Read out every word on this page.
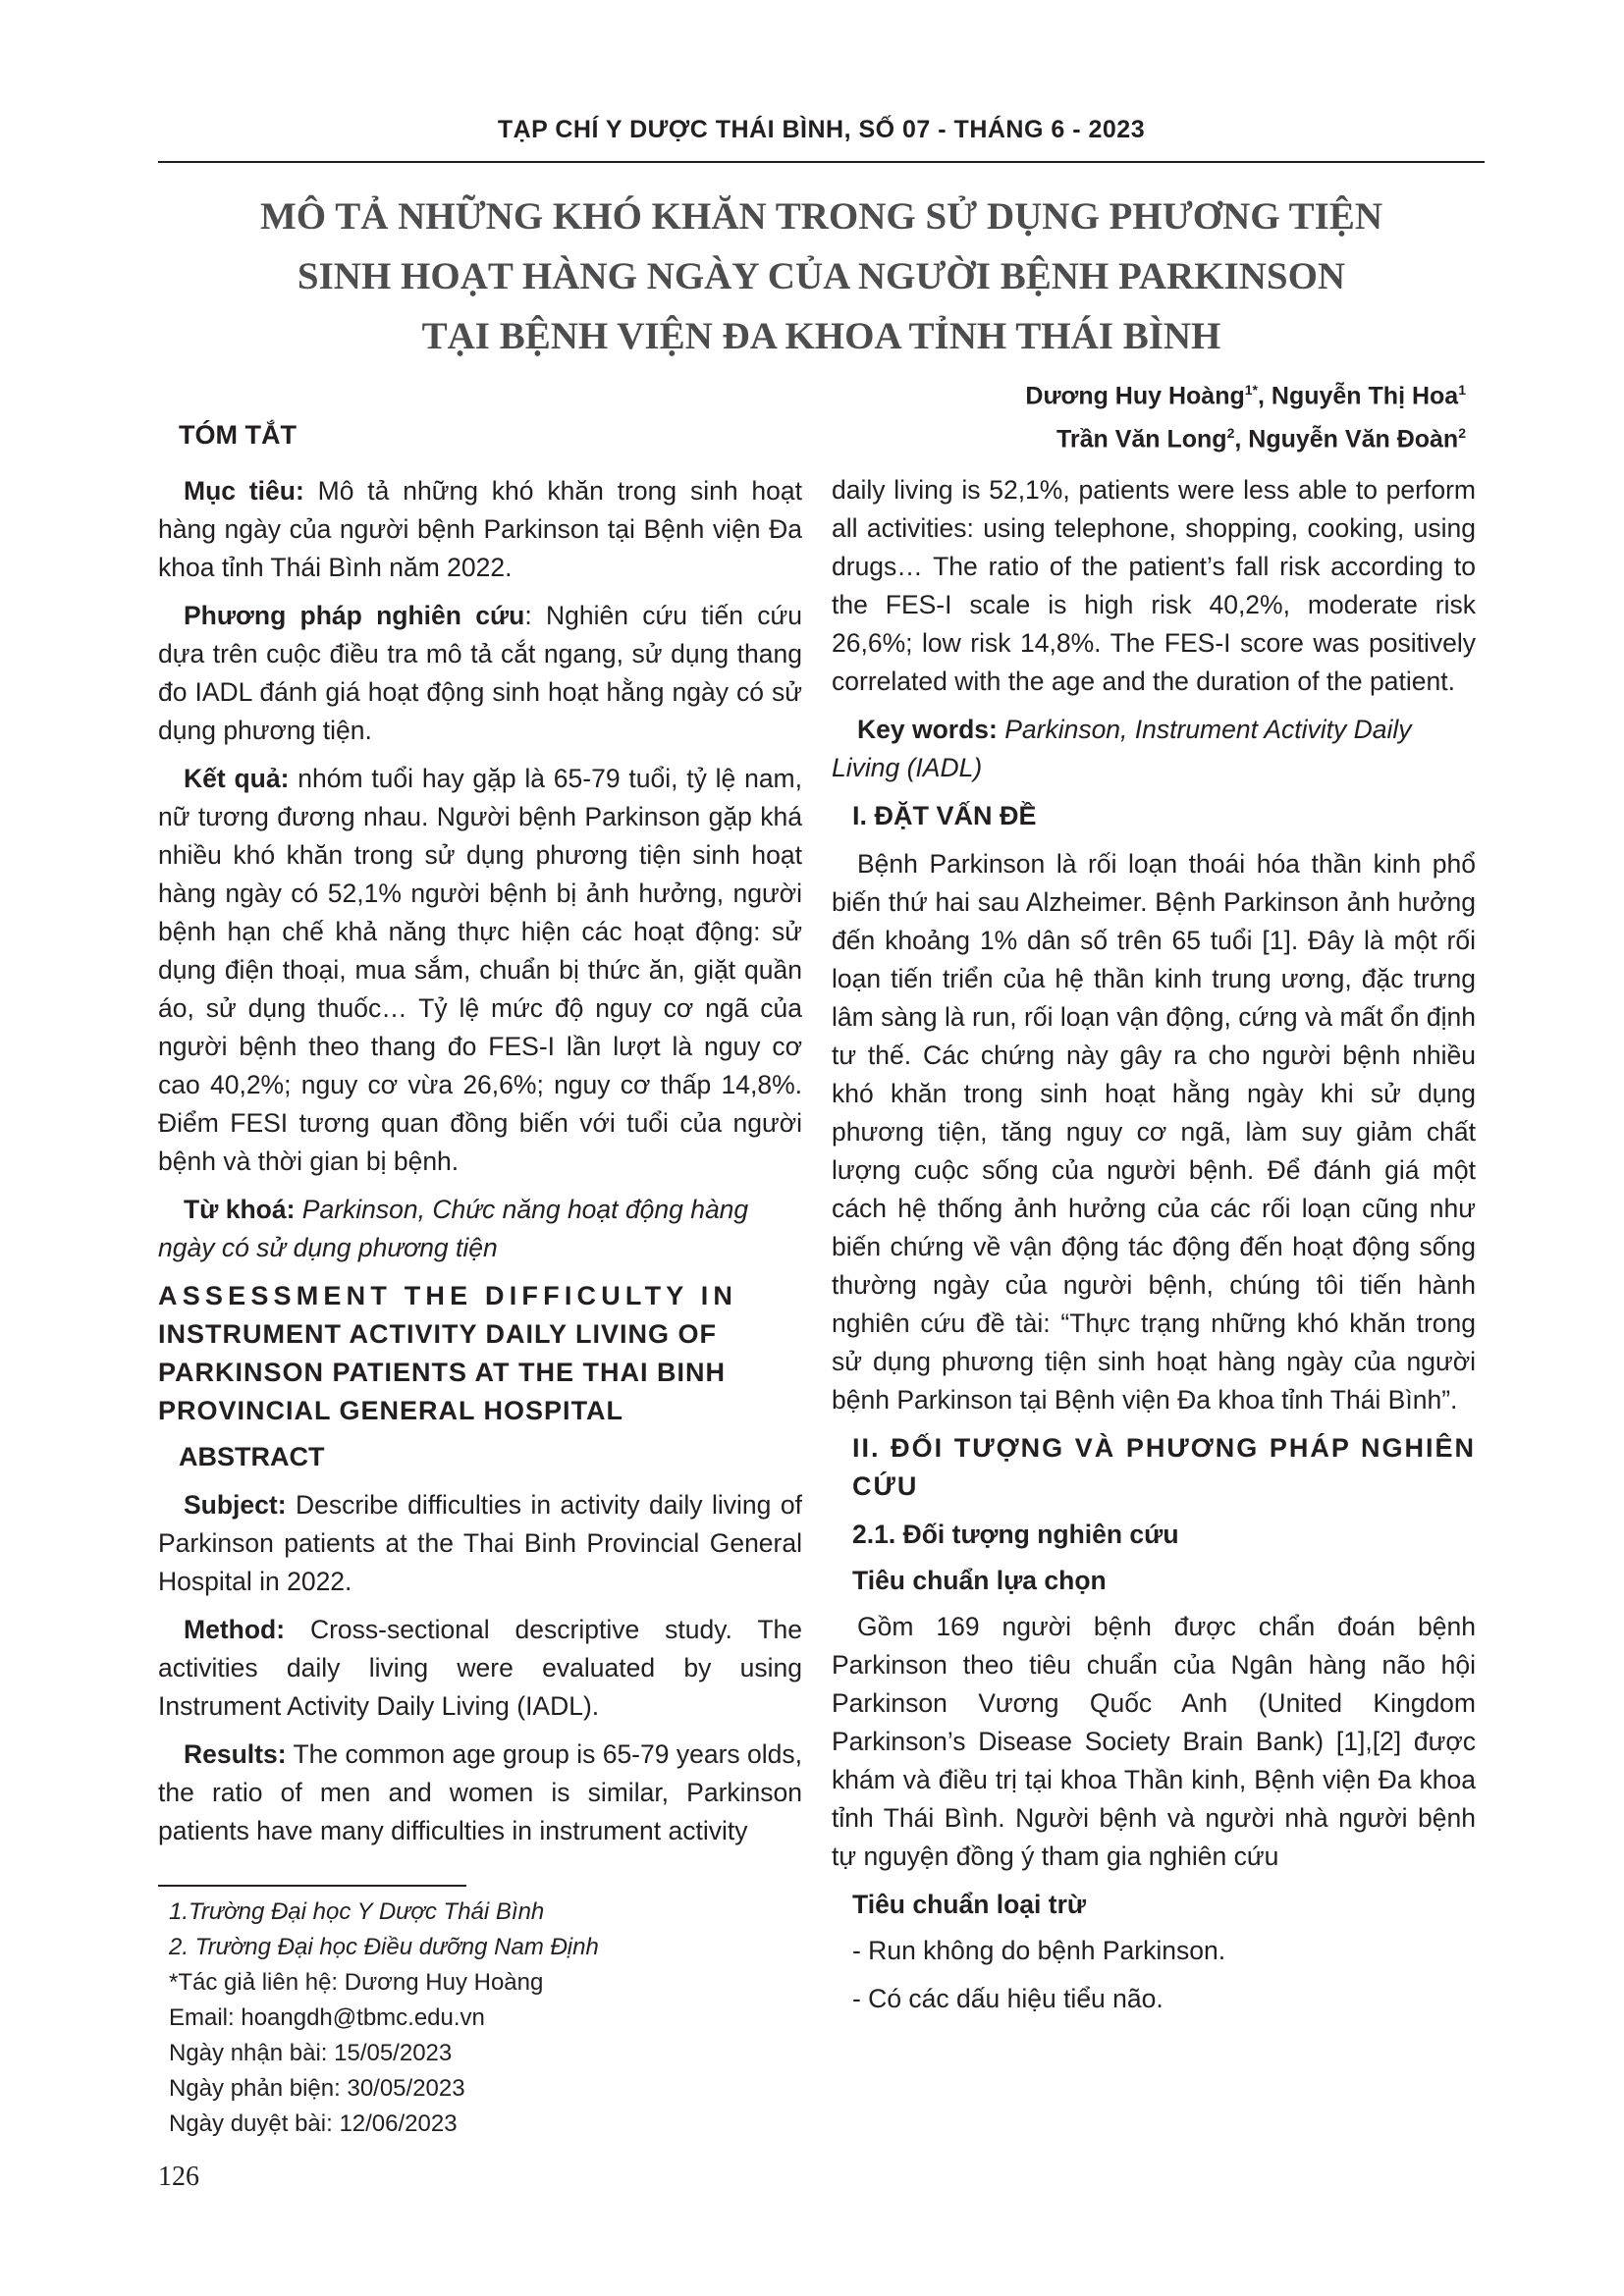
TẠP CHÍ Y DƯỢC THÁI BÌNH, SỐ 07 - THÁNG 6 - 2023
MÔ TẢ NHỮNG KHÓ KHĂN TRONG SỬ DỤNG PHƯƠNG TIỆN
SINH HOẠT HÀNG NGÀY CỦA NGƯỜI BỆNH PARKINSON
TẠI BỆNH VIỆN ĐA KHOA TỈNH THÁI BÌNH
Dương Huy Hoàng$^{1*}$, Nguyễn Thị Hoa$^1$
Trần Văn Long$^2$, Nguyễn Văn Đoàn$^2$
TÓM TẮT

Mục tiêu: Mô tả những khó khăn trong sinh hoạt hàng ngày của người bệnh Parkinson tại Bệnh viện Đa khoa tỉnh Thái Bình năm 2022.

Phương pháp nghiên cứu: Nghiên cứu tiến cứu dựa trên cuộc điều tra mô tả cắt ngang, sử dụng thang đo IADL đánh giá hoạt động sinh hoạt hằng ngày có sử dụng phương tiện.

Kết quả: nhóm tuổi hay gặp là 65-79 tuổi, tỷ lệ nam, nữ tương đương nhau. Người bệnh Parkinson gặp khá nhiều khó khăn trong sử dụng phương tiện sinh hoạt hàng ngày có 52,1% người bệnh bị ảnh hưởng, người bệnh hạn chế khả năng thực hiện các hoạt động: sử dụng điện thoại, mua sắm, chuẩn bị thức ăn, giặt quần áo, sử dụng thuốc… Tỷ lệ mức độ nguy cơ ngã của người bệnh theo thang đo FES-I lần lượt là nguy cơ cao 40,2%; nguy cơ vừa 26,6%; nguy cơ thấp 14,8%. Điểm FESI tương quan đồng biến với tuổi của người bệnh và thời gian bị bệnh.

Từ khoá: Parkinson, Chức năng hoạt động hàng ngày có sử dụng phương tiện

ASSESSMENT THE DIFFICULTY IN
INSTRUMENT ACTIVITY DAILY LIVING OF
PARKINSON PATIENTS AT THE THAI BINH
PROVINCIAL GENERAL HOSPITAL
ABSTRACT

Subject: Describe difficulties in activity daily living of Parkinson patients at the Thai Binh Provincial General Hospital in 2022.

Method: Cross-sectional descriptive study. The activities daily living were evaluated by using Instrument Activity Daily Living (IADL).

Results: The common age group is 65-79 years olds, the ratio of men and women is similar, Parkinson patients have many difficulties in instrument activity

daily living is 52,1%, patients were less able to perform all activities: using telephone, shopping, cooking, using drugs… The ratio of the patient’s fall risk according to the FES-I scale is high risk 40,2%, moderate risk 26,6%; low risk 14,8%. The FES-I score was positively correlated with the age and the duration of the patient.

Key words: Parkinson, Instrument Activity Daily Living (IADL)

I. ĐẶT VẤN ĐỀ

Bệnh Parkinson là rối loạn thoái hóa thần kinh phổ biến thứ hai sau Alzheimer. Bệnh Parkinson ảnh hưởng đến khoảng 1% dân số trên 65 tuổi [1]. Đây là một rối loạn tiến triển của hệ thần kinh trung ương, đặc trưng lâm sàng là run, rối loạn vận động, cứng và mất ổn định tư thế. Các chứng này gây ra cho người bệnh nhiều khó khăn trong sinh hoạt hằng ngày khi sử dụng phương tiện, tăng nguy cơ ngã, làm suy giảm chất lượng cuộc sống của người bệnh. Để đánh giá một cách hệ thống ảnh hưởng của các rối loạn cũng như biến chứng về vận động tác động đến hoạt động sống thường ngày của người bệnh, chúng tôi tiến hành nghiên cứu đề tài: “Thực trạng những khó khăn trong sử dụng phương tiện sinh hoạt hàng ngày của người bệnh Parkinson tại Bệnh viện Đa khoa tỉnh Thái Bình”.

II. ĐỐI TƯỢNG VÀ PHƯƠNG PHÁP NGHIÊN CỨU
2.1. Đối tượng nghiên cứu
Tiêu chuẩn lựa chọn

Gồm 169 người bệnh được chẩn đoán bệnh Parkinson theo tiêu chuẩn của Ngân hàng não hội Parkinson Vương Quốc Anh (United Kingdom Parkinson’s Disease Society Brain Bank) [1],[2] được khám và điều trị tại khoa Thần kinh, Bệnh viện Đa khoa tỉnh Thái Bình. Người bệnh và người nhà người bệnh tự nguyện đồng ý tham gia nghiên cứu

Tiêu chuẩn loại trừ

- Run không do bệnh Parkinson.

- Có các dấu hiệu tiểu não.

1.Trường Đại học Y Dược Thái Bình
2. Trường Đại học Điều dưỡng Nam Định
*Tác giả liên hệ: Dương Huy Hoàng
Email: hoangdh@tbmc.edu.vn
Ngày nhận bài: 15/05/2023
Ngày phản biện: 30/05/2023
Ngày duyệt bài: 12/06/2023
126
